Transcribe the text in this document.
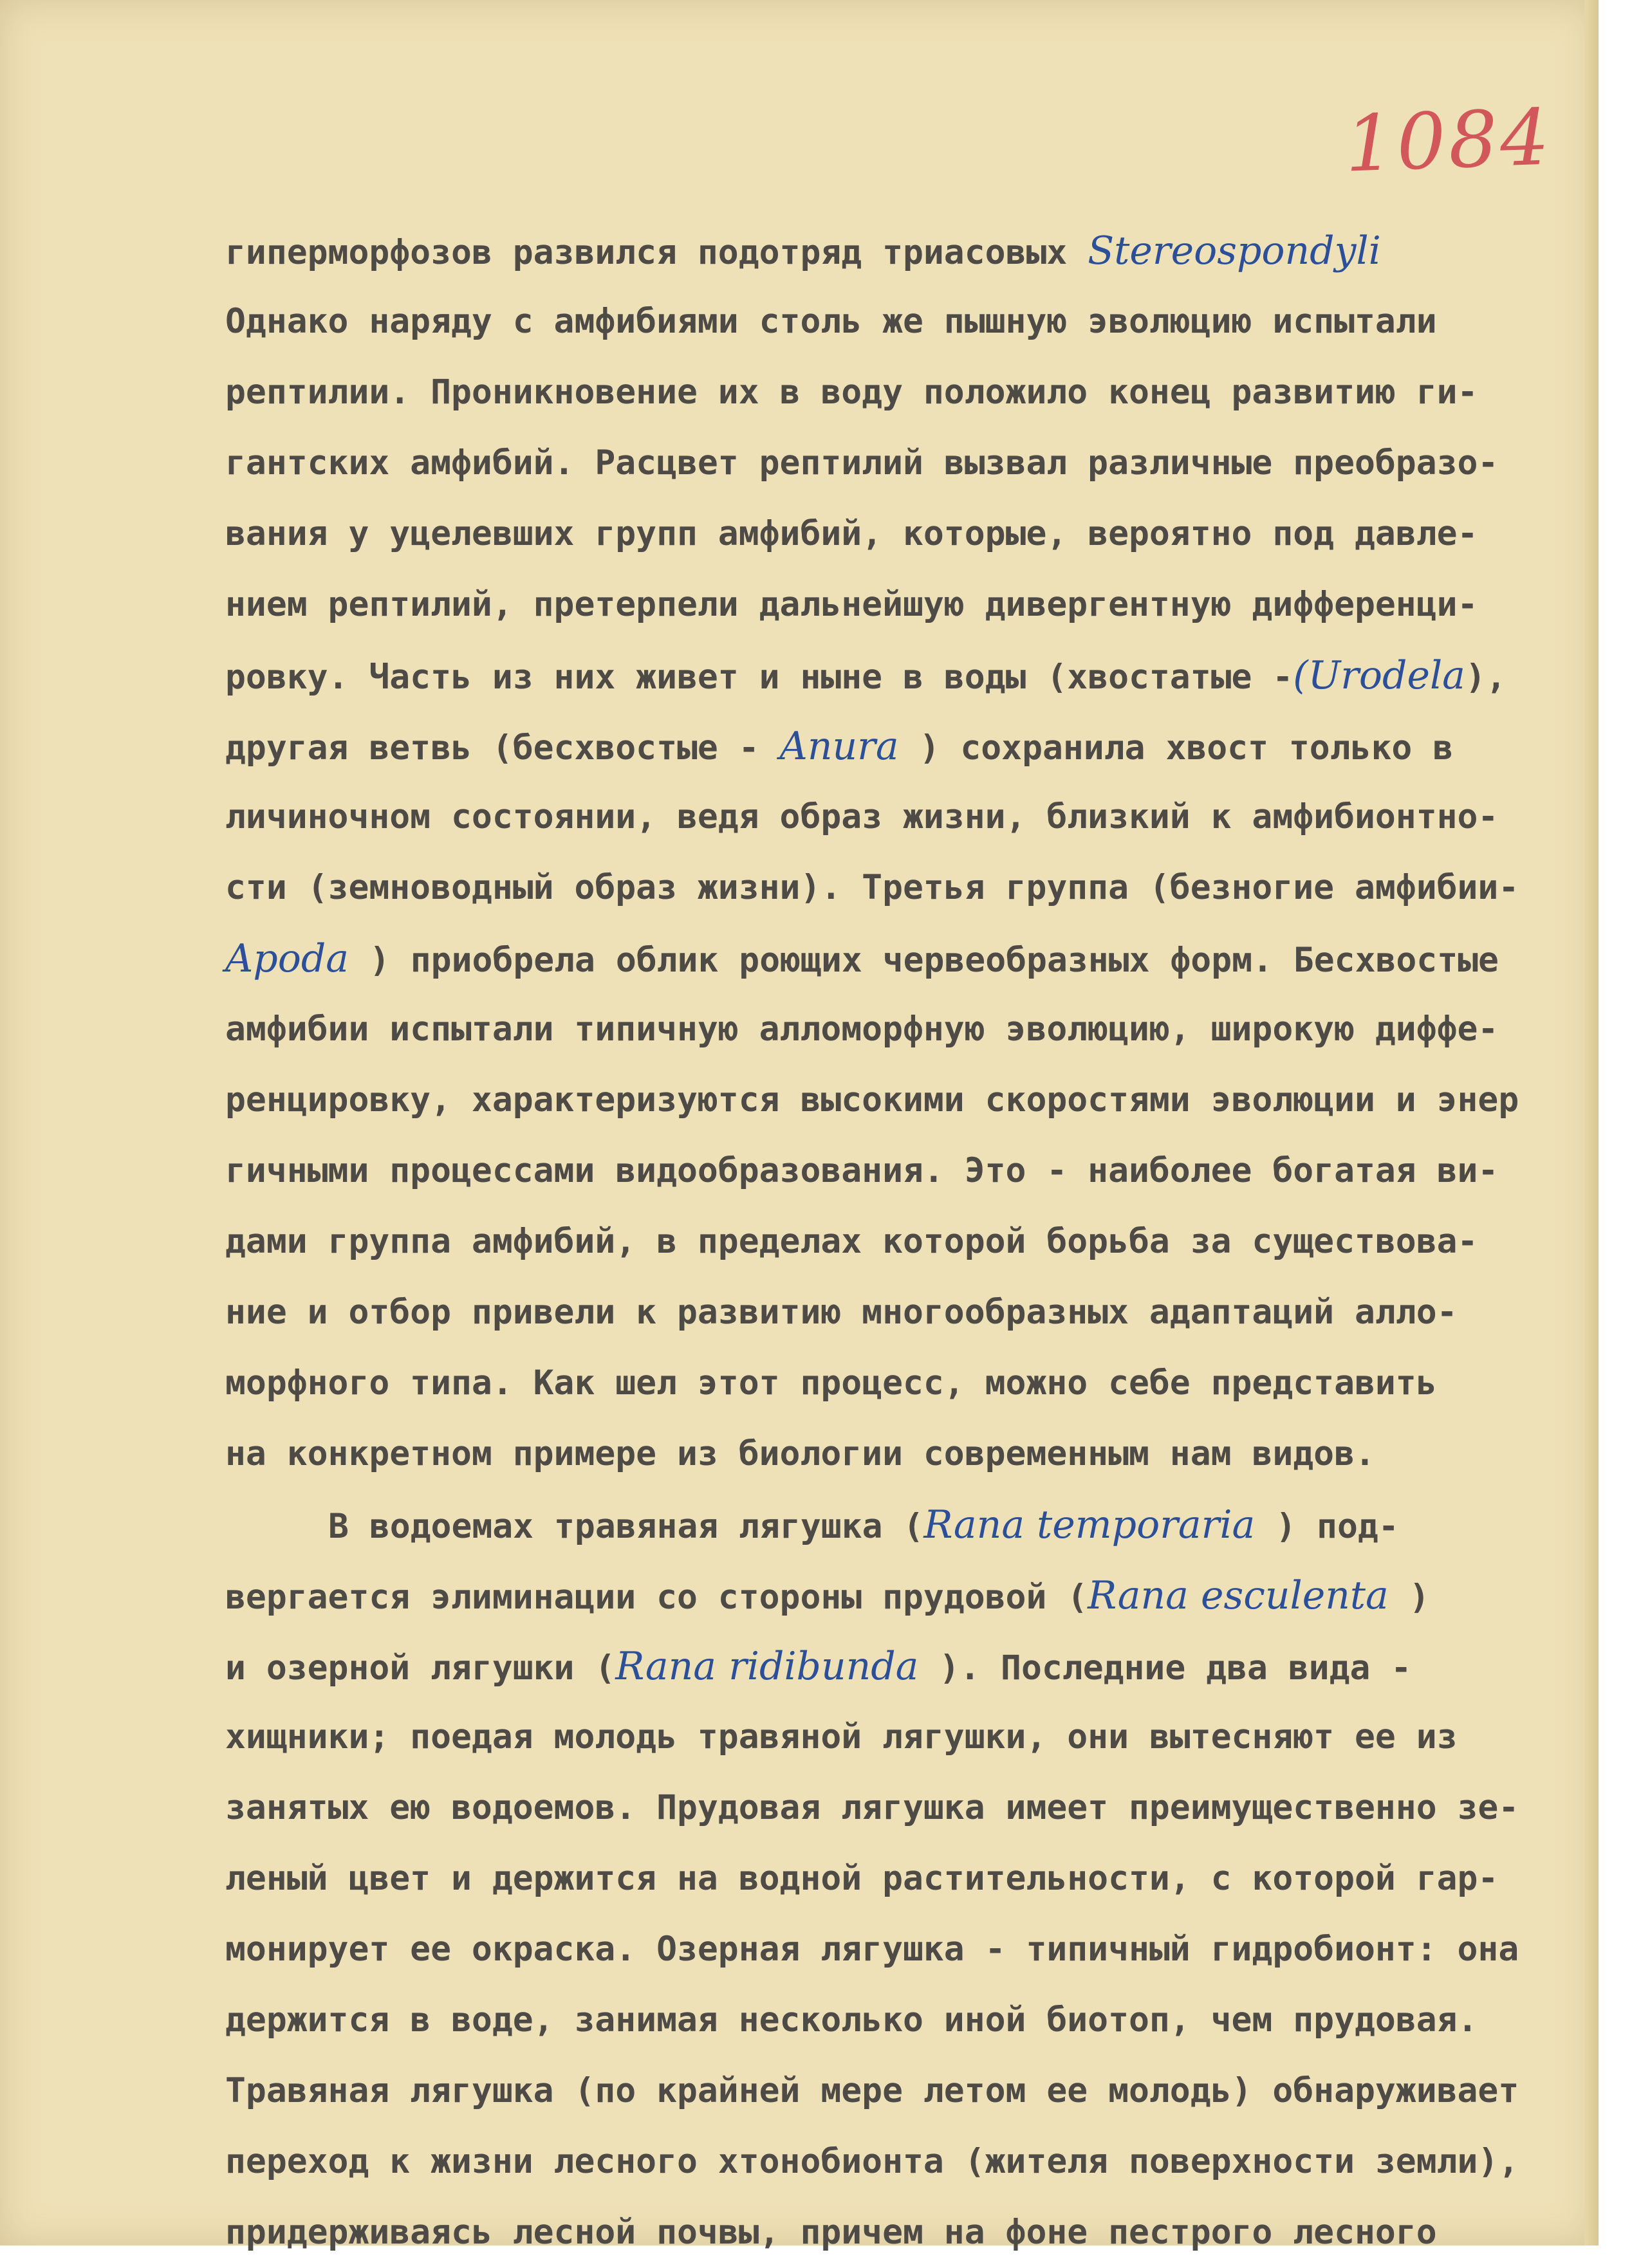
1084
гиперморфозов развился подотряд триасовых Stereospondyli
Однако наряду с амфибиями столь же пышную эволюцию испытали
рептилии. Проникновение их в воду положило конец развитию ги-
гантских амфибий. Расцвет рептилий вызвал различные преобразо-
вания у уцелевших групп амфибий, которые, вероятно под давле-
нием рептилий, претерпели дальнейшую дивергентную дифференци-
ровку. Часть из них живет и ныне в воды (хвостатые -(Urodela),
другая ветвь (бесхвостые - Anura ) сохранила хвост только в
личиночном состоянии, ведя образ жизни, близкий к амфибионтно-
сти (земноводный образ жизни). Третья группа (безногие амфибии-
Apoda ) приобрела облик роющих червеобразных форм. Бесхвостые
амфибии испытали типичную алломорфную эволюцию, широкую диффе-
ренцировку, характеризуются высокими скоростями эволюции и энер
гичными процессами видообразования. Это - наиболее богатая ви-
дами группа амфибий, в пределах которой борьба за существова-
ние и отбор привели к развитию многообразных адаптаций алло-
морфного типа. Как шел этот процесс, можно себе представить
на конкретном примере из биологии современным нам видов.
В водоемах травяная лягушка (Rana temporaria ) под-
вергается элиминации со стороны прудовой (Rana esculenta )
и озерной лягушки (Rana ridibunda ). Последние два вида -
хищники; поедая молодь травяной лягушки, они вытесняют ее из
занятых ею водоемов. Прудовая лягушка имеет преимущественно зе-
леный цвет и держится на водной растительности, с которой гар-
монирует ее окраска. Озерная лягушка - типичный гидробионт: она
держится в воде, занимая несколько иной биотоп, чем прудовая.
Травяная лягушка (по крайней мере летом ее молодь) обнаруживает
переход к жизни лесного хтонобионта (жителя поверхности земли),
придерживаясь лесной почвы, причем на фоне пестрого лесного
